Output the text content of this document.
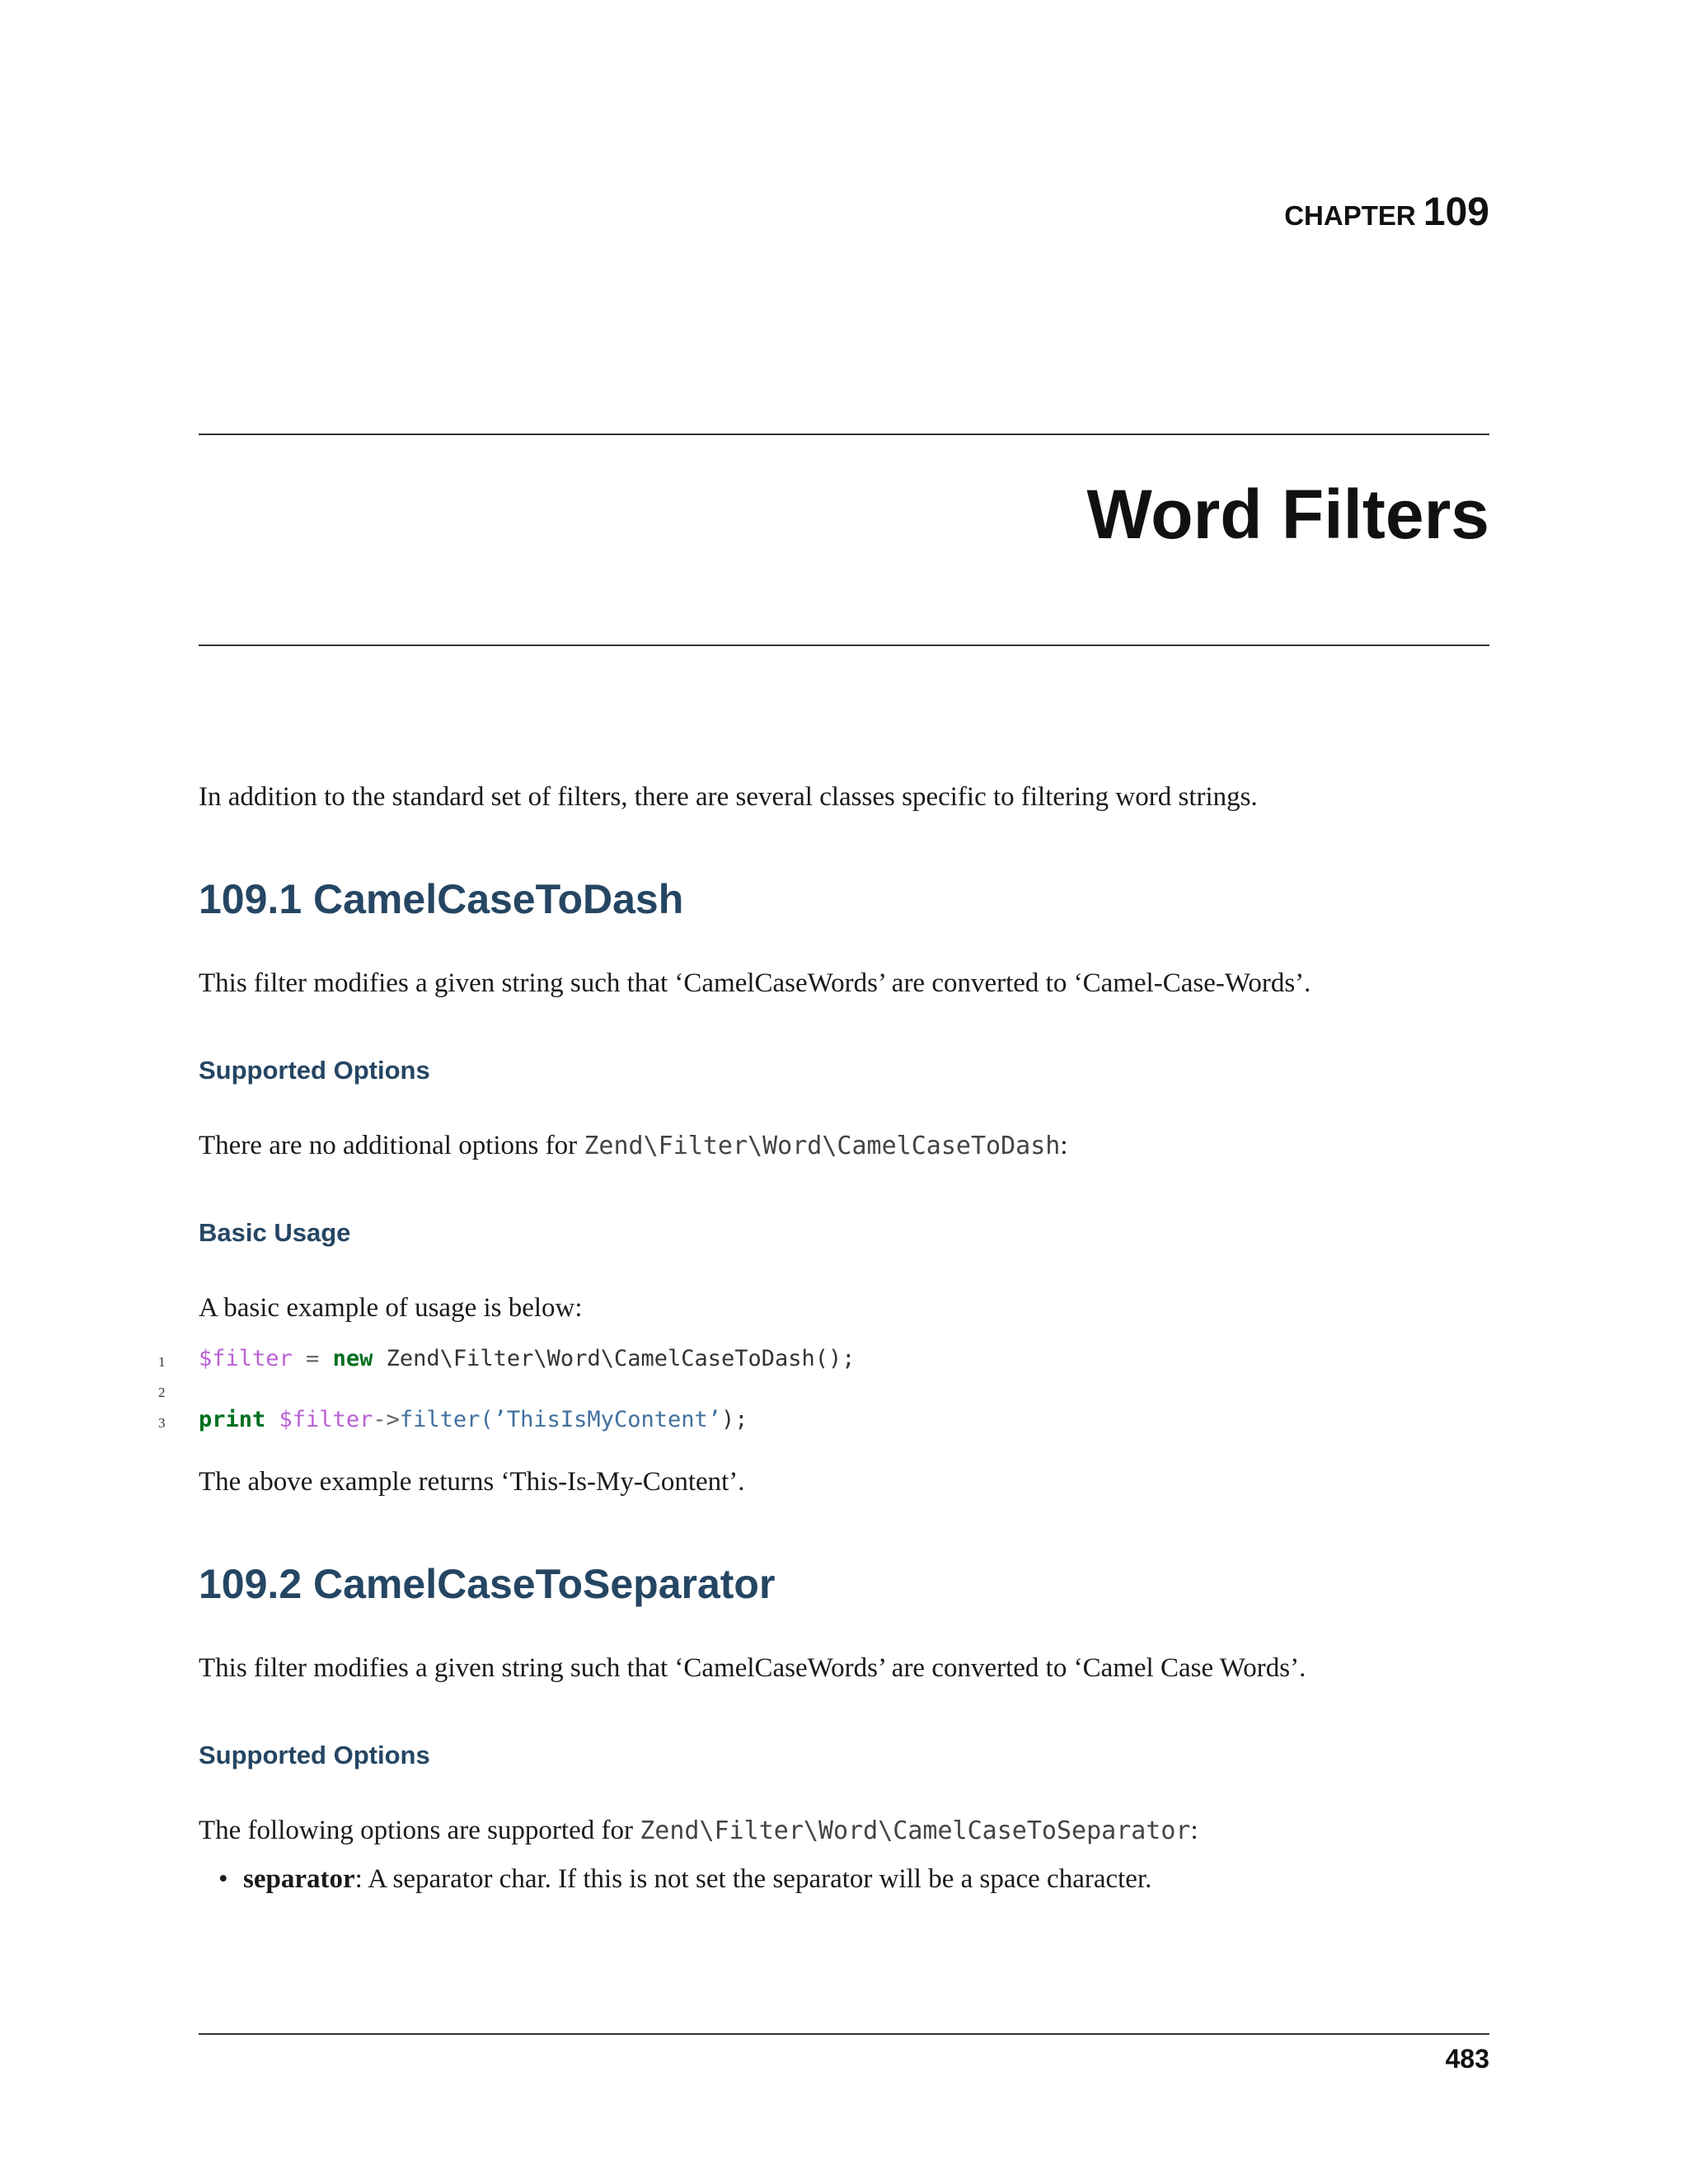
CHAPTER 109
Word Filters
In addition to the standard set of filters, there are several classes specific to filtering word strings.
109.1 CamelCaseToDash
This filter modifies a given string such that ‘CamelCaseWords’ are converted to ‘Camel-Case-Words’.
Supported Options
There are no additional options for Zend\Filter\Word\CamelCaseToDash:
Basic Usage
A basic example of usage is below:
1 $filter = new Zend\Filter\Word\CamelCaseToDash();
2
3 print $filter->filter(’ThisIsMyContent’);
The above example returns ‘This-Is-My-Content’.
109.2 CamelCaseToSeparator
This filter modifies a given string such that ‘CamelCaseWords’ are converted to ‘Camel Case Words’.
Supported Options
The following options are supported for Zend\Filter\Word\CamelCaseToSeparator:
• separator: A separator char. If this is not set the separator will be a space character.
483
